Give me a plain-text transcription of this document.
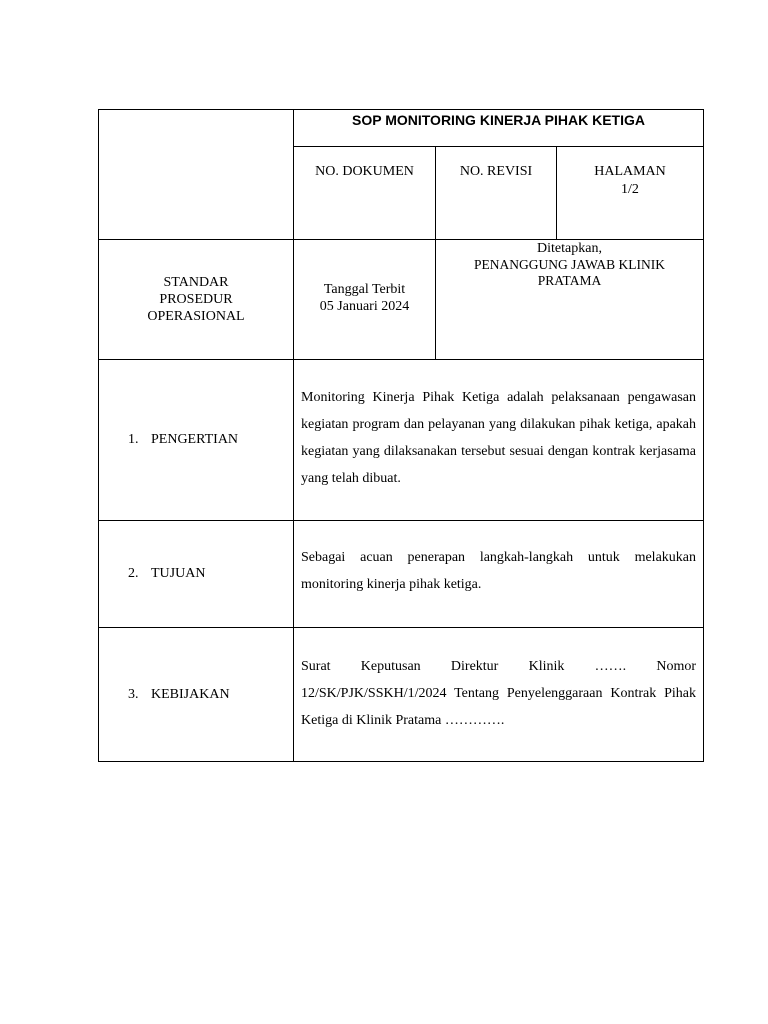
SOP MONITORING KINERJA PIHAK KETIGA
NO. DOKUMEN	NO. REVISI	HALAMAN
1/2
STANDAR
PROSEDUR
OPERASIONAL
Tanggal Terbit
05 Januari 2024
Ditetapkan,
PENANGGUNG JAWAB KLINIK
PRATAMA
1. PENGERTIAN
Monitoring Kinerja Pihak Ketiga adalah pelaksanaan pengawasan kegiatan program dan pelayanan yang dilakukan pihak ketiga, apakah kegiatan yang dilaksanakan tersebut sesuai dengan kontrak kerjasama yang telah dibuat.
2. TUJUAN
Sebagai acuan penerapan langkah-langkah untuk melakukan monitoring kinerja pihak ketiga.
3. KEBIJAKAN
Surat Keputusan Direktur Klinik ……. Nomor 12/SK/PJK/SSKH/1/2024 Tentang Penyelenggaraan Kontrak Pihak Ketiga di Klinik Pratama ………….
